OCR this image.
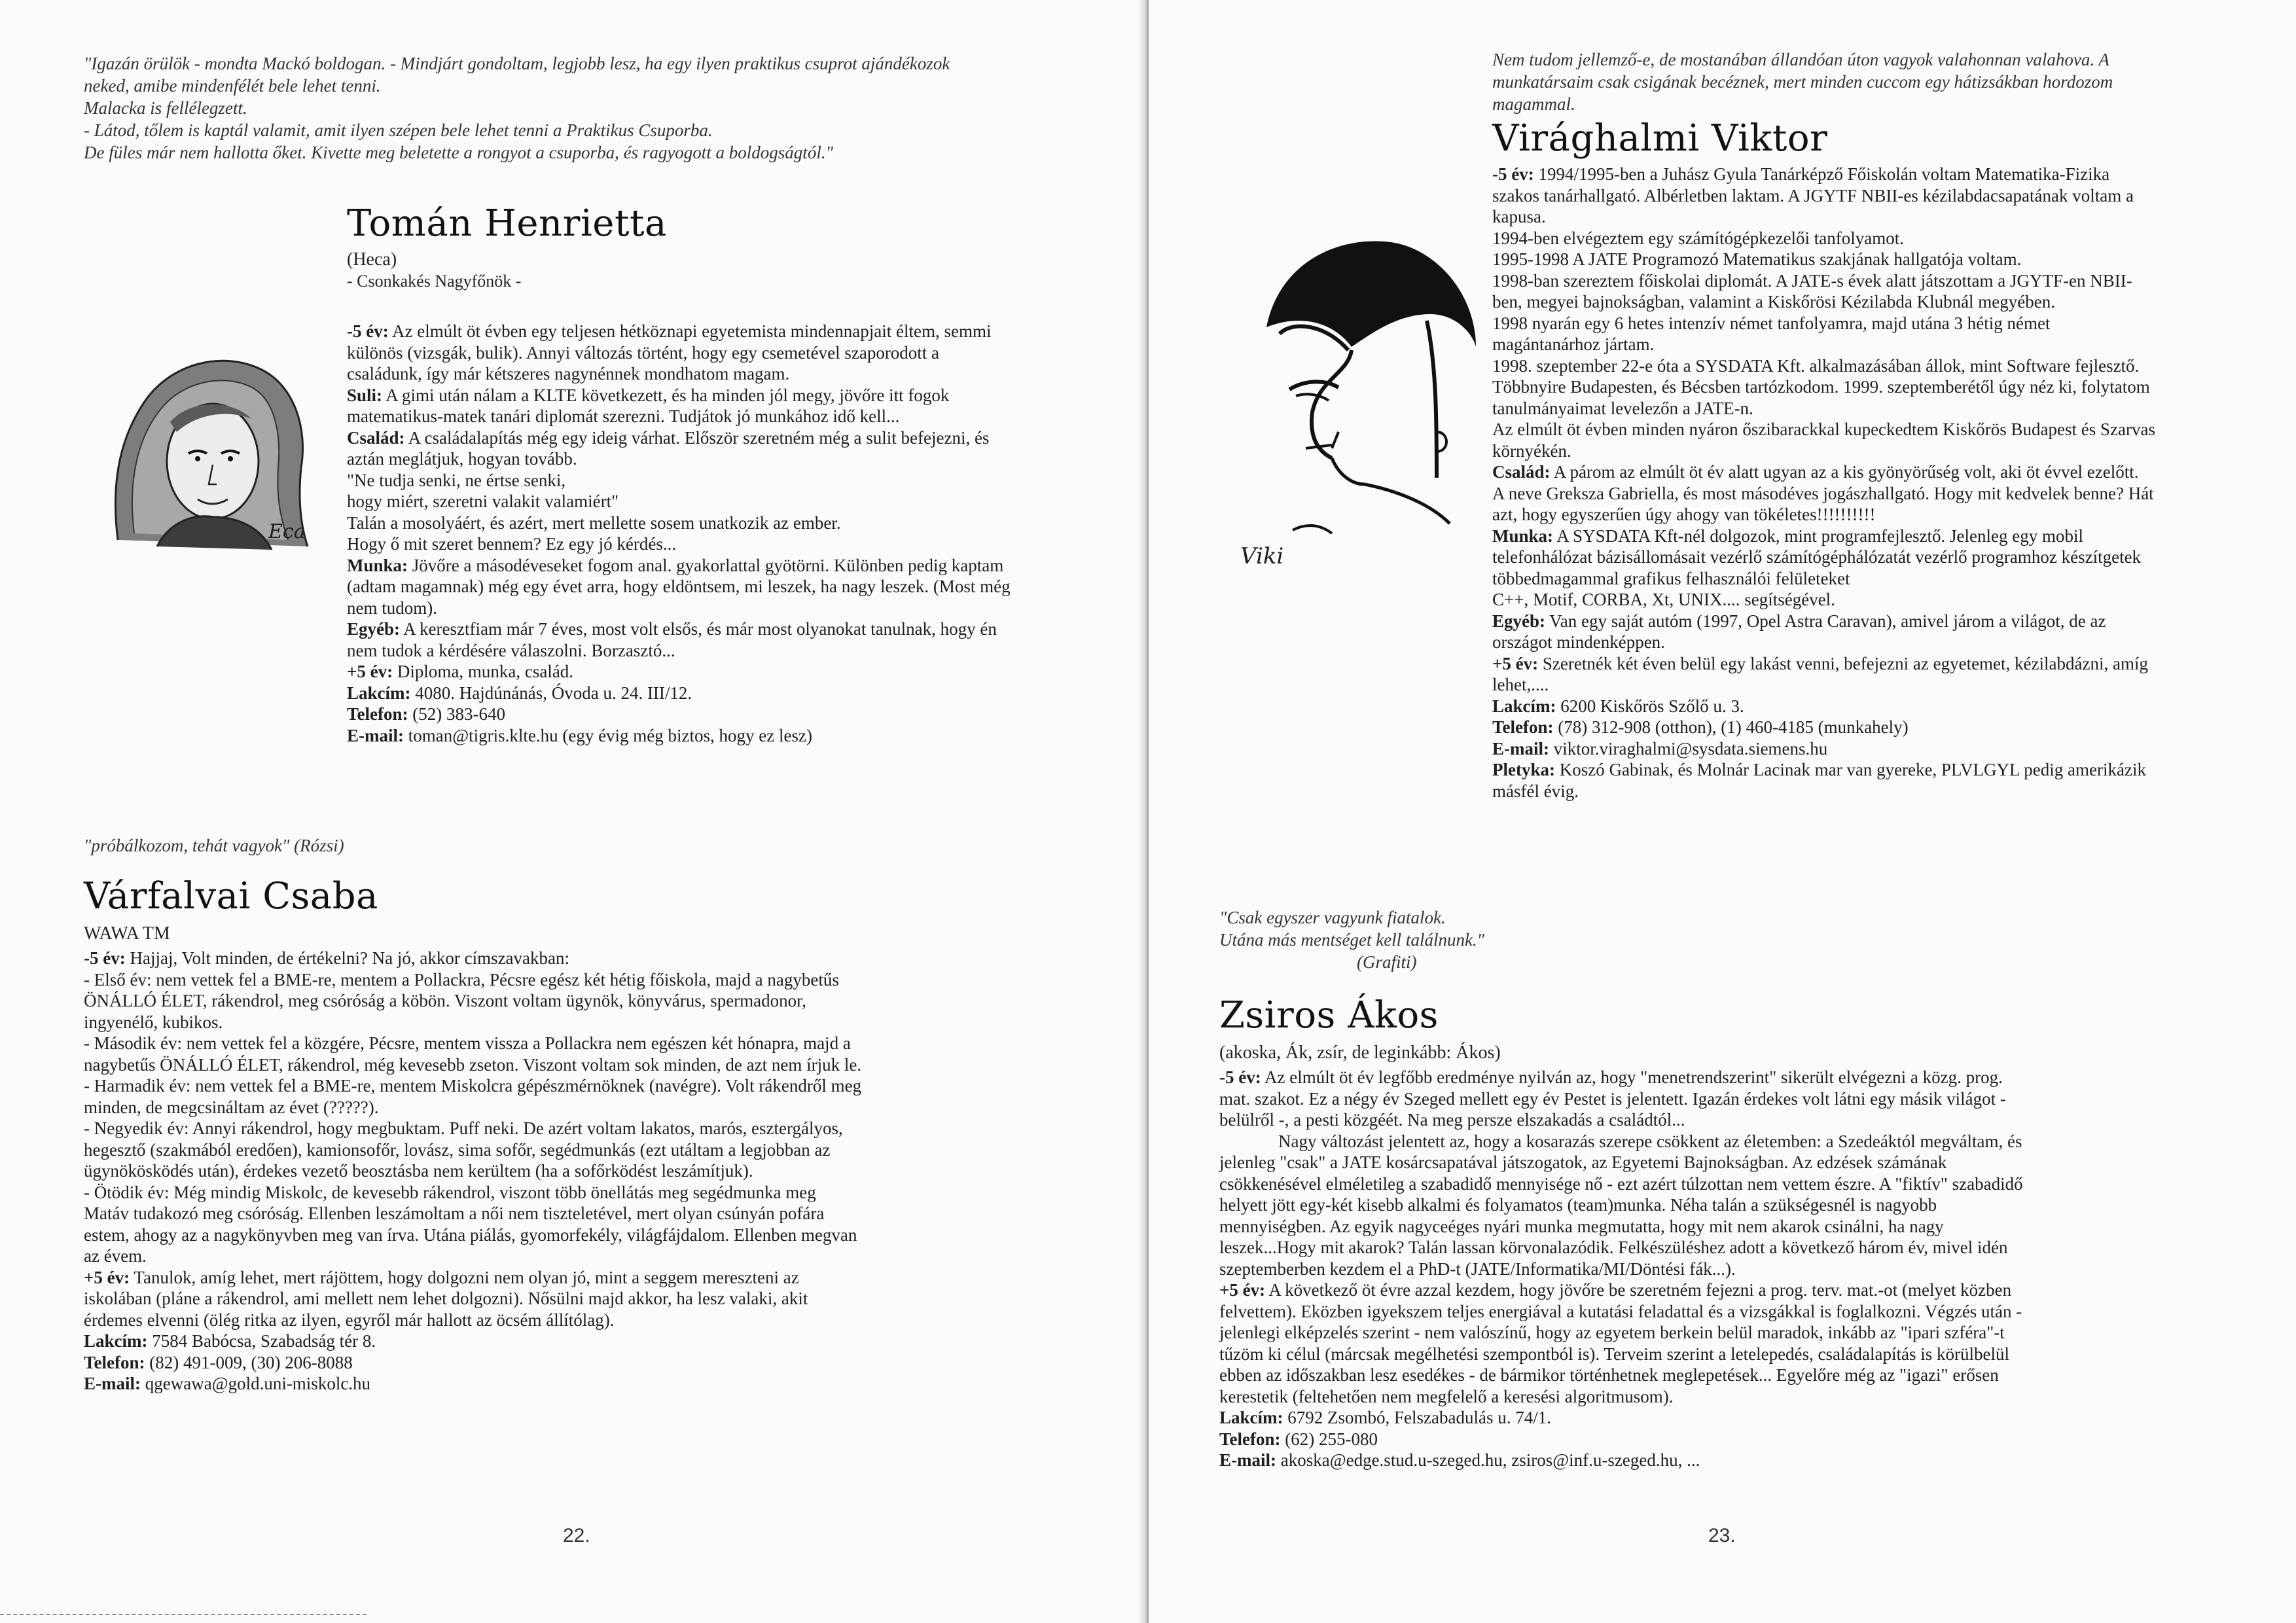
"Igazán örülök - mondta Mackó boldogan. - Mindjárt gondoltam, legjobb lesz, ha egy ilyen praktikus csuprot ajándékozok

neked, amibe mindenfélét bele lehet tenni.

Malacka is fellélegzett.

- Látod, tőlem is kaptál valamit, amit ilyen szépen bele lehet tenni a Praktikus Csuporba.

De füles már nem hallotta őket. Kivette meg beletette a rongyot a csuporba, és ragyogott a boldogságtól."

Eca
Tomán Henrietta

(Heca)

- Csonkakés Nagyfőnök -

-5 év: Az elmúlt öt évben egy teljesen hétköznapi egyetemista mindennapjait éltem, semmi

különös (vizsgák, bulik). Annyi változás történt, hogy egy csemetével szaporodott a

családunk, így már kétszeres nagynénnek mondhatom magam.

Suli: A gimi után nálam a KLTE következett, és ha minden jól megy, jövőre itt fogok

matematikus-matek tanári diplomát szerezni. Tudjátok jó munkához idő kell...

Család: A családalapítás még egy ideig várhat. Először szeretném még a sulit befejezni, és

aztán meglátjuk, hogyan tovább.

"Ne tudja senki, ne értse senki,

hogy miért, szeretni valakit valamiért"

Talán a mosolyáért, és azért, mert mellette sosem unatkozik az ember.

Hogy ő mit szeret bennem? Ez egy jó kérdés...

Munka: Jövőre a másodéveseket fogom anal. gyakorlattal gyötörni. Különben pedig kaptam

(adtam magamnak) még egy évet arra, hogy eldöntsem, mi leszek, ha nagy leszek. (Most még

nem tudom).

Egyéb: A keresztfiam már 7 éves, most volt elsős, és már most olyanokat tanulnak, hogy én

nem tudok a kérdésére válaszolni. Borzasztó...

+5 év: Diploma, munka, család.

Lakcím: 4080. Hajdúnánás, Óvoda u. 24. III/12.

Telefon: (52) 383-640

E-mail: toman@tigris.klte.hu (egy évig még biztos, hogy ez lesz)

"próbálkozom, tehát vagyok" (Rózsi)
Várfalvai Csaba

WAWA TM

-5 év: Hajjaj, Volt minden, de értékelni? Na jó, akkor címszavakban:

- Első év: nem vettek fel a BME-re, mentem a Pollackra, Pécsre egész két hétig főiskola, majd a nagybetűs

ÖNÁLLÓ ÉLET, rákendrol, meg csóróság a köbön. Viszont voltam ügynök, könyvárus, spermadonor,

ingyenélő, kubikos.

- Második év: nem vettek fel a közgére, Pécsre, mentem vissza a Pollackra nem egészen két hónapra, majd a

nagybetűs ÖNÁLLÓ ÉLET, rákendrol, még kevesebb zseton. Viszont voltam sok minden, de azt nem írjuk le.

- Harmadik év: nem vettek fel a BME-re, mentem Miskolcra gépészmérnöknek (navégre). Volt rákendről meg

minden, de megcsináltam az évet (?????).

- Negyedik év: Annyi rákendrol, hogy megbuktam. Puff neki. De azért voltam lakatos, marós, esztergályos,

hegesztő (szakmából eredően), kamionsofőr, lovász, sima sofőr, segédmunkás (ezt utáltam a legjobban az

ügynökösködés után), érdekes vezető beosztásba nem kerültem (ha a sofőrködést leszámítjuk).

- Ötödik év: Még mindig Miskolc, de kevesebb rákendrol, viszont több önellátás meg segédmunka meg

Matáv tudakozó meg csóróság. Ellenben leszámoltam a női nem tiszteletével, mert olyan csúnyán pofára

estem, ahogy az a nagykönyvben meg van írva. Utána piálás, gyomorfekély, világfájdalom. Ellenben megvan

az évem.

+5 év: Tanulok, amíg lehet, mert rájöttem, hogy dolgozni nem olyan jó, mint a seggem mereszteni az

iskolában (pláne a rákendrol, ami mellett nem lehet dolgozni). Nősülni majd akkor, ha lesz valaki, akit

érdemes elvenni (ölég ritka az ilyen, egyről már hallott az öcsém állítólag).

Lakcím: 7584 Babócsa, Szabadság tér 8.

Telefon: (82) 491-009, (30) 206-8088

E-mail: qgewawa@gold.uni-miskolc.hu

22.

Nem tudom jellemző-e, de mostanában állandóan úton vagyok valahonnan valahova. A

munkatársaim csak csigának becéznek, mert minden cuccom egy hátizsákban hordozom

magammal.

Virághalmi Viktor
Viki

-5 év: 1994/1995-ben a Juhász Gyula Tanárképző Főiskolán voltam Matematika-Fizika

szakos tanárhallgató. Albérletben laktam. A JGYTF NBII-es kézilabdacsapatának voltam a

kapusa.

1994-ben elvégeztem egy számítógépkezelői tanfolyamot.

1995-1998 A JATE Programozó Matematikus szakjának hallgatója voltam.

1998-ban szereztem főiskolai diplomát. A JATE-s évek alatt játszottam a JGYTF-en NBII-

ben, megyei bajnokságban, valamint a Kiskőrösi Kézilabda Klubnál megyében.

1998 nyarán egy 6 hetes intenzív német tanfolyamra, majd utána 3 hétig német

magántanárhoz jártam.

1998. szeptember 22-e óta a SYSDATA Kft. alkalmazásában állok, mint Software fejlesztő.

Többnyire Budapesten, és Bécsben tartózkodom. 1999. szeptemberétől úgy néz ki, folytatom

tanulmányaimat levelezőn a JATE-n.

Az elmúlt öt évben minden nyáron őszibarackkal kupeckedtem Kiskőrös Budapest és Szarvas

környékén.

Család: A párom az elmúlt öt év alatt ugyan az a kis gyönyörűség volt, aki öt évvel ezelőtt.

A neve Greksza Gabriella, és most másodéves jogászhallgató. Hogy mit kedvelek benne? Hát

azt, hogy egyszerűen úgy ahogy van tökéletes!!!!!!!!!!

Munka: A SYSDATA Kft-nél dolgozok, mint programfejlesztő. Jelenleg egy mobil

telefonhálózat bázisállomásait vezérlő számítógéphálózatát vezérlő programhoz készítgetek

többedmagammal grafikus felhasználói felületeket

C++, Motif, CORBA, Xt, UNIX.... segítségével.

Egyéb: Van egy saját autóm (1997, Opel Astra Caravan), amivel járom a világot, de az

országot mindenképpen.

+5 év: Szeretnék két éven belül egy lakást venni, befejezni az egyetemet, kézilabdázni, amíg

lehet,....

Lakcím: 6200 Kiskőrös Szőlő u. 3.

Telefon: (78) 312-908 (otthon), (1) 460-4185 (munkahely)

E-mail: viktor.viraghalmi@sysdata.siemens.hu

Pletyka: Koszó Gabinak, és Molnár Lacinak mar van gyereke, PLVLGYL pedig amerikázik

másfél évig.

"Csak egyszer vagyunk fiatalok.

Utána más mentséget kell találnunk."

(Grafiti)

Zsiros Ákos

(akoska, Ák, zsír, de leginkább: Ákos)

-5 év: Az elmúlt öt év legfőbb eredménye nyilván az, hogy "menetrendszerint" sikerült elvégezni a közg. prog.

mat. szakot. Ez a négy év Szeged mellett egy év Pestet is jelentett. Igazán érdekes volt látni egy másik világot -

belülről -, a pesti közgéét. Na meg persze elszakadás a családtól...

Nagy változást jelentett az, hogy a kosarazás szerepe csökkent az életemben: a Szedeáktól megváltam, és

jelenleg "csak" a JATE kosárcsapatával játszogatok, az Egyetemi Bajnokságban. Az edzések számának

csökkenésével elméletileg a szabadidő mennyisége nő - ezt azért túlzottan nem vettem észre. A "fiktív" szabadidő

helyett jött egy-két kisebb alkalmi és folyamatos (team)munka. Néha talán a szükségesnél is nagyobb

mennyiségben. Az egyik nagyceéges nyári munka megmutatta, hogy mit nem akarok csinálni, ha nagy

leszek...Hogy mit akarok? Talán lassan körvonalazódik. Felkészüléshez adott a következő három év, mivel idén

szeptemberben kezdem el a PhD-t (JATE/Informatika/MI/Döntési fák...).

+5 év: A következő öt évre azzal kezdem, hogy jövőre be szeretném fejezni a prog. terv. mat.-ot (melyet közben

felvettem). Eközben igyekszem teljes energiával a kutatási feladattal és a vizsgákkal is foglalkozni. Végzés után -

jelenlegi elképzelés szerint - nem valószínű, hogy az egyetem berkein belül maradok, inkább az "ipari szféra"-t

tűzöm ki célul (márcsak megélhetési szempontból is). Terveim szerint a letelepedés, családalapítás is körülbelül

ebben az időszakban lesz esedékes - de bármikor történhetnek meglepetések... Egyelőre még az "igazi" erősen

kerestetik (feltehetően nem megfelelő a keresési algoritmusom).

Lakcím: 6792 Zsombó, Felszabadulás u. 74/1.

Telefon: (62) 255-080

E-mail: akoska@edge.stud.u-szeged.hu, zsiros@inf.u-szeged.hu, ...

23.
